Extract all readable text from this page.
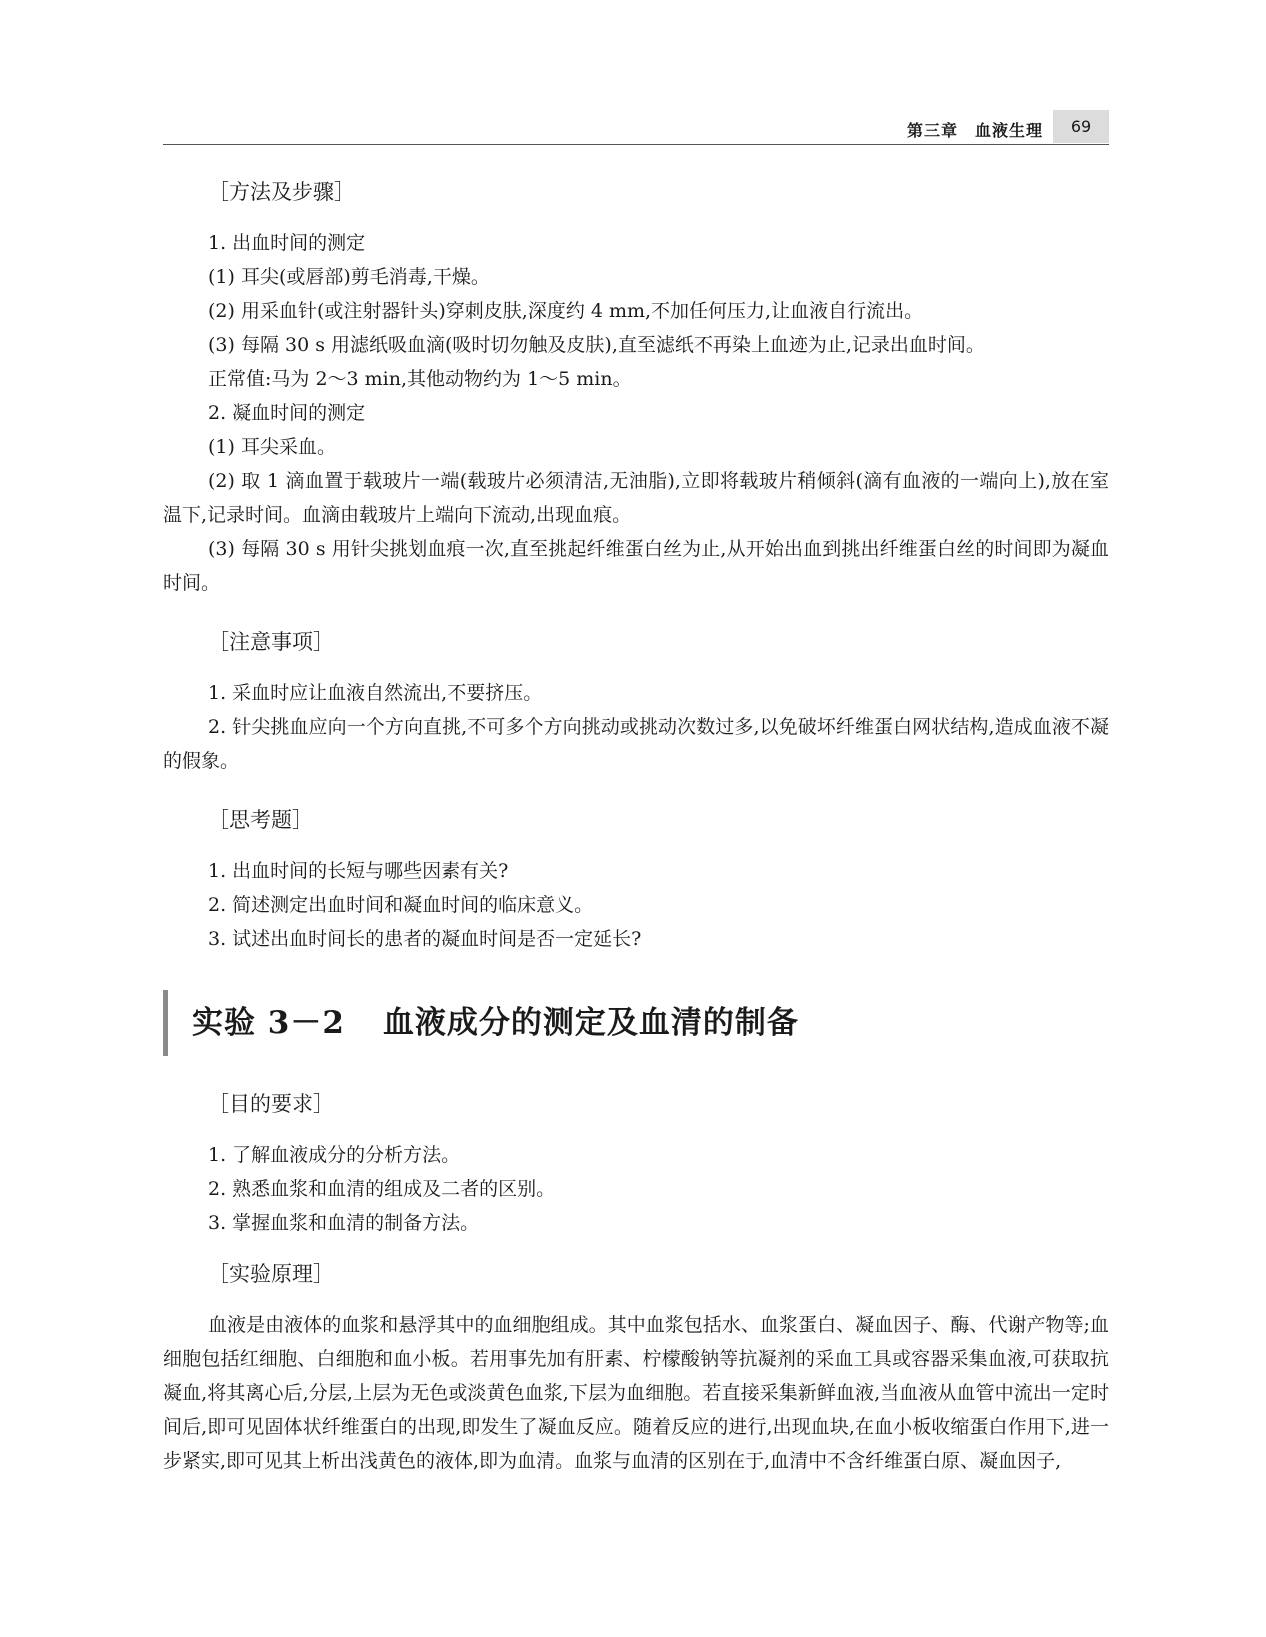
第三章　血液生理	69
［方法及步骤］

1. 出血时间的测定

(1) 耳尖(或唇部)剪毛消毒,干燥。

(2) 用采血针(或注射器针头)穿刺皮肤,深度约 4 mm,不加任何压力,让血液自行流出。

(3) 每隔 30 s 用滤纸吸血滴(吸时切勿触及皮肤),直至滤纸不再染上血迹为止,记录出血时间。

正常值:马为 2～3 min,其他动物约为 1～5 min。

2. 凝血时间的测定

(1) 耳尖采血。

(2) 取 1 滴血置于载玻片一端(载玻片必须清洁,无油脂),立即将载玻片稍倾斜(滴有血液的一端向上),放在室温下,记录时间。血滴由载玻片上端向下流动,出现血痕。

(3) 每隔 30 s 用针尖挑划血痕一次,直至挑起纤维蛋白丝为止,从开始出血到挑出纤维蛋白丝的时间即为凝血时间。

［注意事项］

1. 采血时应让血液自然流出,不要挤压。

2. 针尖挑血应向一个方向直挑,不可多个方向挑动或挑动次数过多,以免破坏纤维蛋白网状结构,造成血液不凝的假象。

［思考题］

1. 出血时间的长短与哪些因素有关?

2. 简述测定出血时间和凝血时间的临床意义。

3. 试述出血时间长的患者的凝血时间是否一定延长?

实验 3－2 血液成分的测定及血清的制备
［目的要求］

1. 了解血液成分的分析方法。

2. 熟悉血浆和血清的组成及二者的区别。

3. 掌握血浆和血清的制备方法。

［实验原理］

血液是由液体的血浆和悬浮其中的血细胞组成。其中血浆包括水、血浆蛋白、凝血因子、酶、代谢产物等;血细胞包括红细胞、白细胞和血小板。若用事先加有肝素、柠檬酸钠等抗凝剂的采血工具或容器采集血液,可获取抗凝血,将其离心后,分层,上层为无色或淡黄色血浆,下层为血细胞。若直接采集新鲜血液,当血液从血管中流出一定时间后,即可见固体状纤维蛋白的出现,即发生了凝血反应。随着反应的进行,出现血块,在血小板收缩蛋白作用下,进一步紧实,即可见其上析出浅黄色的液体,即为血清。血浆与血清的区别在于,血清中不含纤维蛋白原、凝血因子,
